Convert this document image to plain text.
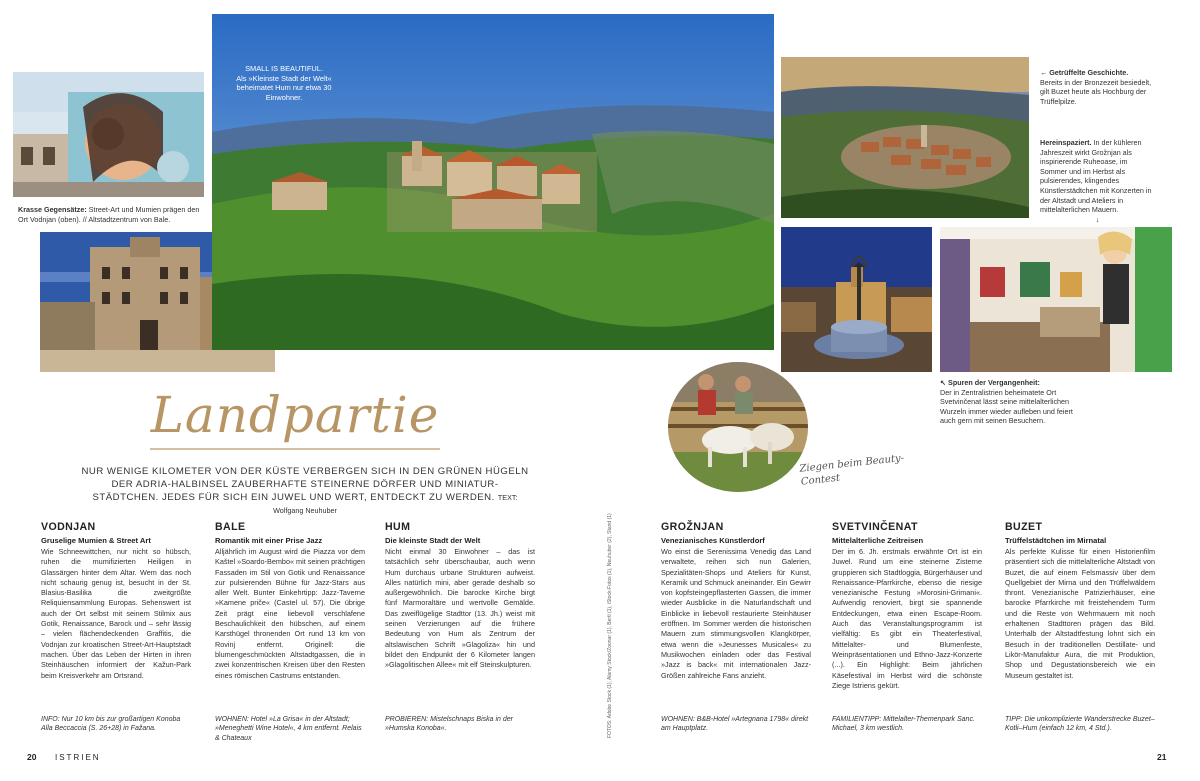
SMALL IS BEAUTIFUL.
Als »Kleinste Stadt der Welt« beheimatet Hum nur etwa 30 Einwohner.
Krasse Gegensätze: Street-Art und Mumien prägen den Ort Vodnjan (oben). // Altstadtzentrum von Bale.
← Getrüffelte Geschichte.
Bereits in der Bronzezeit besiedelt, gilt Buzet heute als Hochburg der Trüffelpilze.
Hereinspaziert. In der kühleren Jahreszeit wirkt Grožnjan als inspirierende Ruheoase, im Sommer und im Herbst als pulsierendes, klingendes Künstlerstädtchen mit Konzerten in der Altstadt und Ateliers in mittelalterlichen Mauern.
↓
↖ Spuren der Vergangenheit:
Der in Zentralistrien beheimatete Ort Svetvinčenat lässt seine mittelalterlichen Wurzeln immer wieder aufleben und feiert auch gern mit seinen Besuchern.
Ziegen beim Beauty-Contest
FOTOS: Adobe Stock (1), Alamy Stock/Zoonar (1), Bertl (1), iStock-Fotos (1), Neuhuber (2), Stand (1)
Landpartie
NUR WENIGE KILOMETER VON DER KÜSTE VERBERGEN SICH IN DEN GRÜNEN HÜGELN DER ADRIA-HALBINSEL ZAUBERHAFTE STEINERNE DÖRFER UND MINIATUR-STÄDTCHEN. JEDES FÜR SICH EIN JUWEL UND WERT, ENTDECKT ZU WERDEN. TEXT: Wolfgang Neuhuber
VODNJAN
Gruselige Mumien & Street Art

Wie Schneewittchen, nur nicht so hübsch, ruhen die mumifizierten Heiligen in Glassärgen hinter dem Altar. Wem das noch nicht schaurig genug ist, besucht in der St. Blasius-Basilika die zweitgrößte Reliquiensammlung Europas. Sehenswert ist auch der Ort selbst mit seinem Stilmix aus Gotik, Renaissance, Barock und – sehr lässig – vielen flächendeckenden Graffitis, die Vodnjan zur kroatischen Street-Art-Hauptstadt machen. Über das Leben der Hirten in ihren Steinhäuschen informiert der Kažun-Park beim Kreisverkehr am Ortsrand.

INFO: Nur 10 km bis zur großartigen Konoba Alla Beccaccia (S. 26+28) in Fažana.

BALE
Romantik mit einer Prise Jazz

Alljährlich im August wird die Piazza vor dem Kaštel »Soardo-Bembo« mit seinen prächtigen Fassaden im Stil von Gotik und Renaissance zur pulsierenden Bühne für Jazz-Stars aus aller Welt. Bunter Einkehrtipp: Jazz-Taverne »Kamene priče« (Castel ul. 57). Die übrige Zeit prägt eine liebevoll verschlafene Beschaulichkeit den hübschen, auf einem Karsthügel thronenden Ort rund 13 km von Rovinj entfernt. Originell: die blumengeschmückten Altstadtgassen, die in zwei konzentrischen Kreisen über den Resten eines römischen Castrums entstanden.

WOHNEN: Hotel »La Grisa« in der Altstadt; »Meneghetti Wine Hotel«, 4 km entfernt. Relais & Chateaux

HUM
Die kleinste Stadt der Welt

Nicht einmal 30 Einwohner – das ist tatsächlich sehr überschaubar, auch wenn Hum durchaus urbane Strukturen aufweist. Alles natürlich mini, aber gerade deshalb so außergewöhnlich. Die barocke Kirche birgt fünf Marmoraltäre und wertvolle Gemälde. Das zweiflügelige Stadttor (13. Jh.) weist mit seinen Verzierungen auf die frühere Bedeutung von Hum als Zentrum der altslawischen Schrift »Glagoliza« hin und bildet den Endpunkt der 6 Kilometer langen »Glagolitischen Allee« mit elf Steinskulpturen.

PROBIEREN: Mistelschnaps Biska in der »Humska Konoba«.

GROŽNJAN
Venezianisches Künstlerdorf

Wo einst die Serenissima Venedig das Land verwaltete, reihen sich nun Galerien, Spezialitäten-Shops und Ateliers für Kunst, Keramik und Schmuck aneinander. Ein Gewirr von kopfsteingepflasterten Gassen, die immer wieder Ausblicke in die Naturlandschaft und Einblicke in liebevoll restaurierte Steinhäuser eröffnen. Im Sommer werden die historischen Mauern zum stimmungsvollen Klangkörper, etwa wenn die »Jeunesses Musicales« zu Musikwochen einladen oder das Festival »Jazz is back« mit internationalen Jazz-Größen zahlreiche Fans anzieht.

WOHNEN: B&B-Hotel »Artegnana 1798« direkt am Hauptplatz.

SVETVINČENAT
Mittelalterliche Zeitreisen

Der im 6. Jh. erstmals erwähnte Ort ist ein Juwel. Rund um eine steinerne Zisterne gruppieren sich Stadtloggia, Bürgerhäuser und Renaissance-Pfarrkirche, ebenso die riesige venezianische Festung »Morosini-Grimani«. Aufwendig renoviert, birgt sie spannende Entdeckungen, etwa einen Escape-Room. Auch das Veranstaltungsprogramm ist vielfältig: Es gibt ein Theaterfestival, Mittelalter- und Blumenfeste, Weinpräsentationen und Ethno-Jazz-Konzerte (...). Ein Highlight: Beim jährlichen Käsefestival im Herbst wird die schönste Ziege Istriens gekürt.

FAMILIENTIPP: Mittelalter-Themenpark Sanc. Michael, 3 km westlich.

BUZET
Trüffelstädtchen im Mirnatal

Als perfekte Kulisse für einen Historienfilm präsentiert sich die mittelalterliche Altstadt von Buzet, die auf einem Felsmassiv über dem Quellgebiet der Mirna und den Trüffelwäldern thront. Venezianische Patrizierhäuser, eine barocke Pfarrkirche mit freistehendem Turm und die Reste von Wehrmauern mit noch erhaltenen Stadttoren prägen das Bild. Unterhalb der Altstadtfestung lohnt sich ein Besuch in der traditionellen Destillate- und Likör-Manufaktur Aura, die mit Produktion, Shop und Degustationsbereich wie ein Museum gestaltet ist.

TIPP: Die unkomplizierte Wanderstrecke Buzet–Kotli–Hum (einfach 12 km, 4 Std.).

20 ISTRIEN	21
